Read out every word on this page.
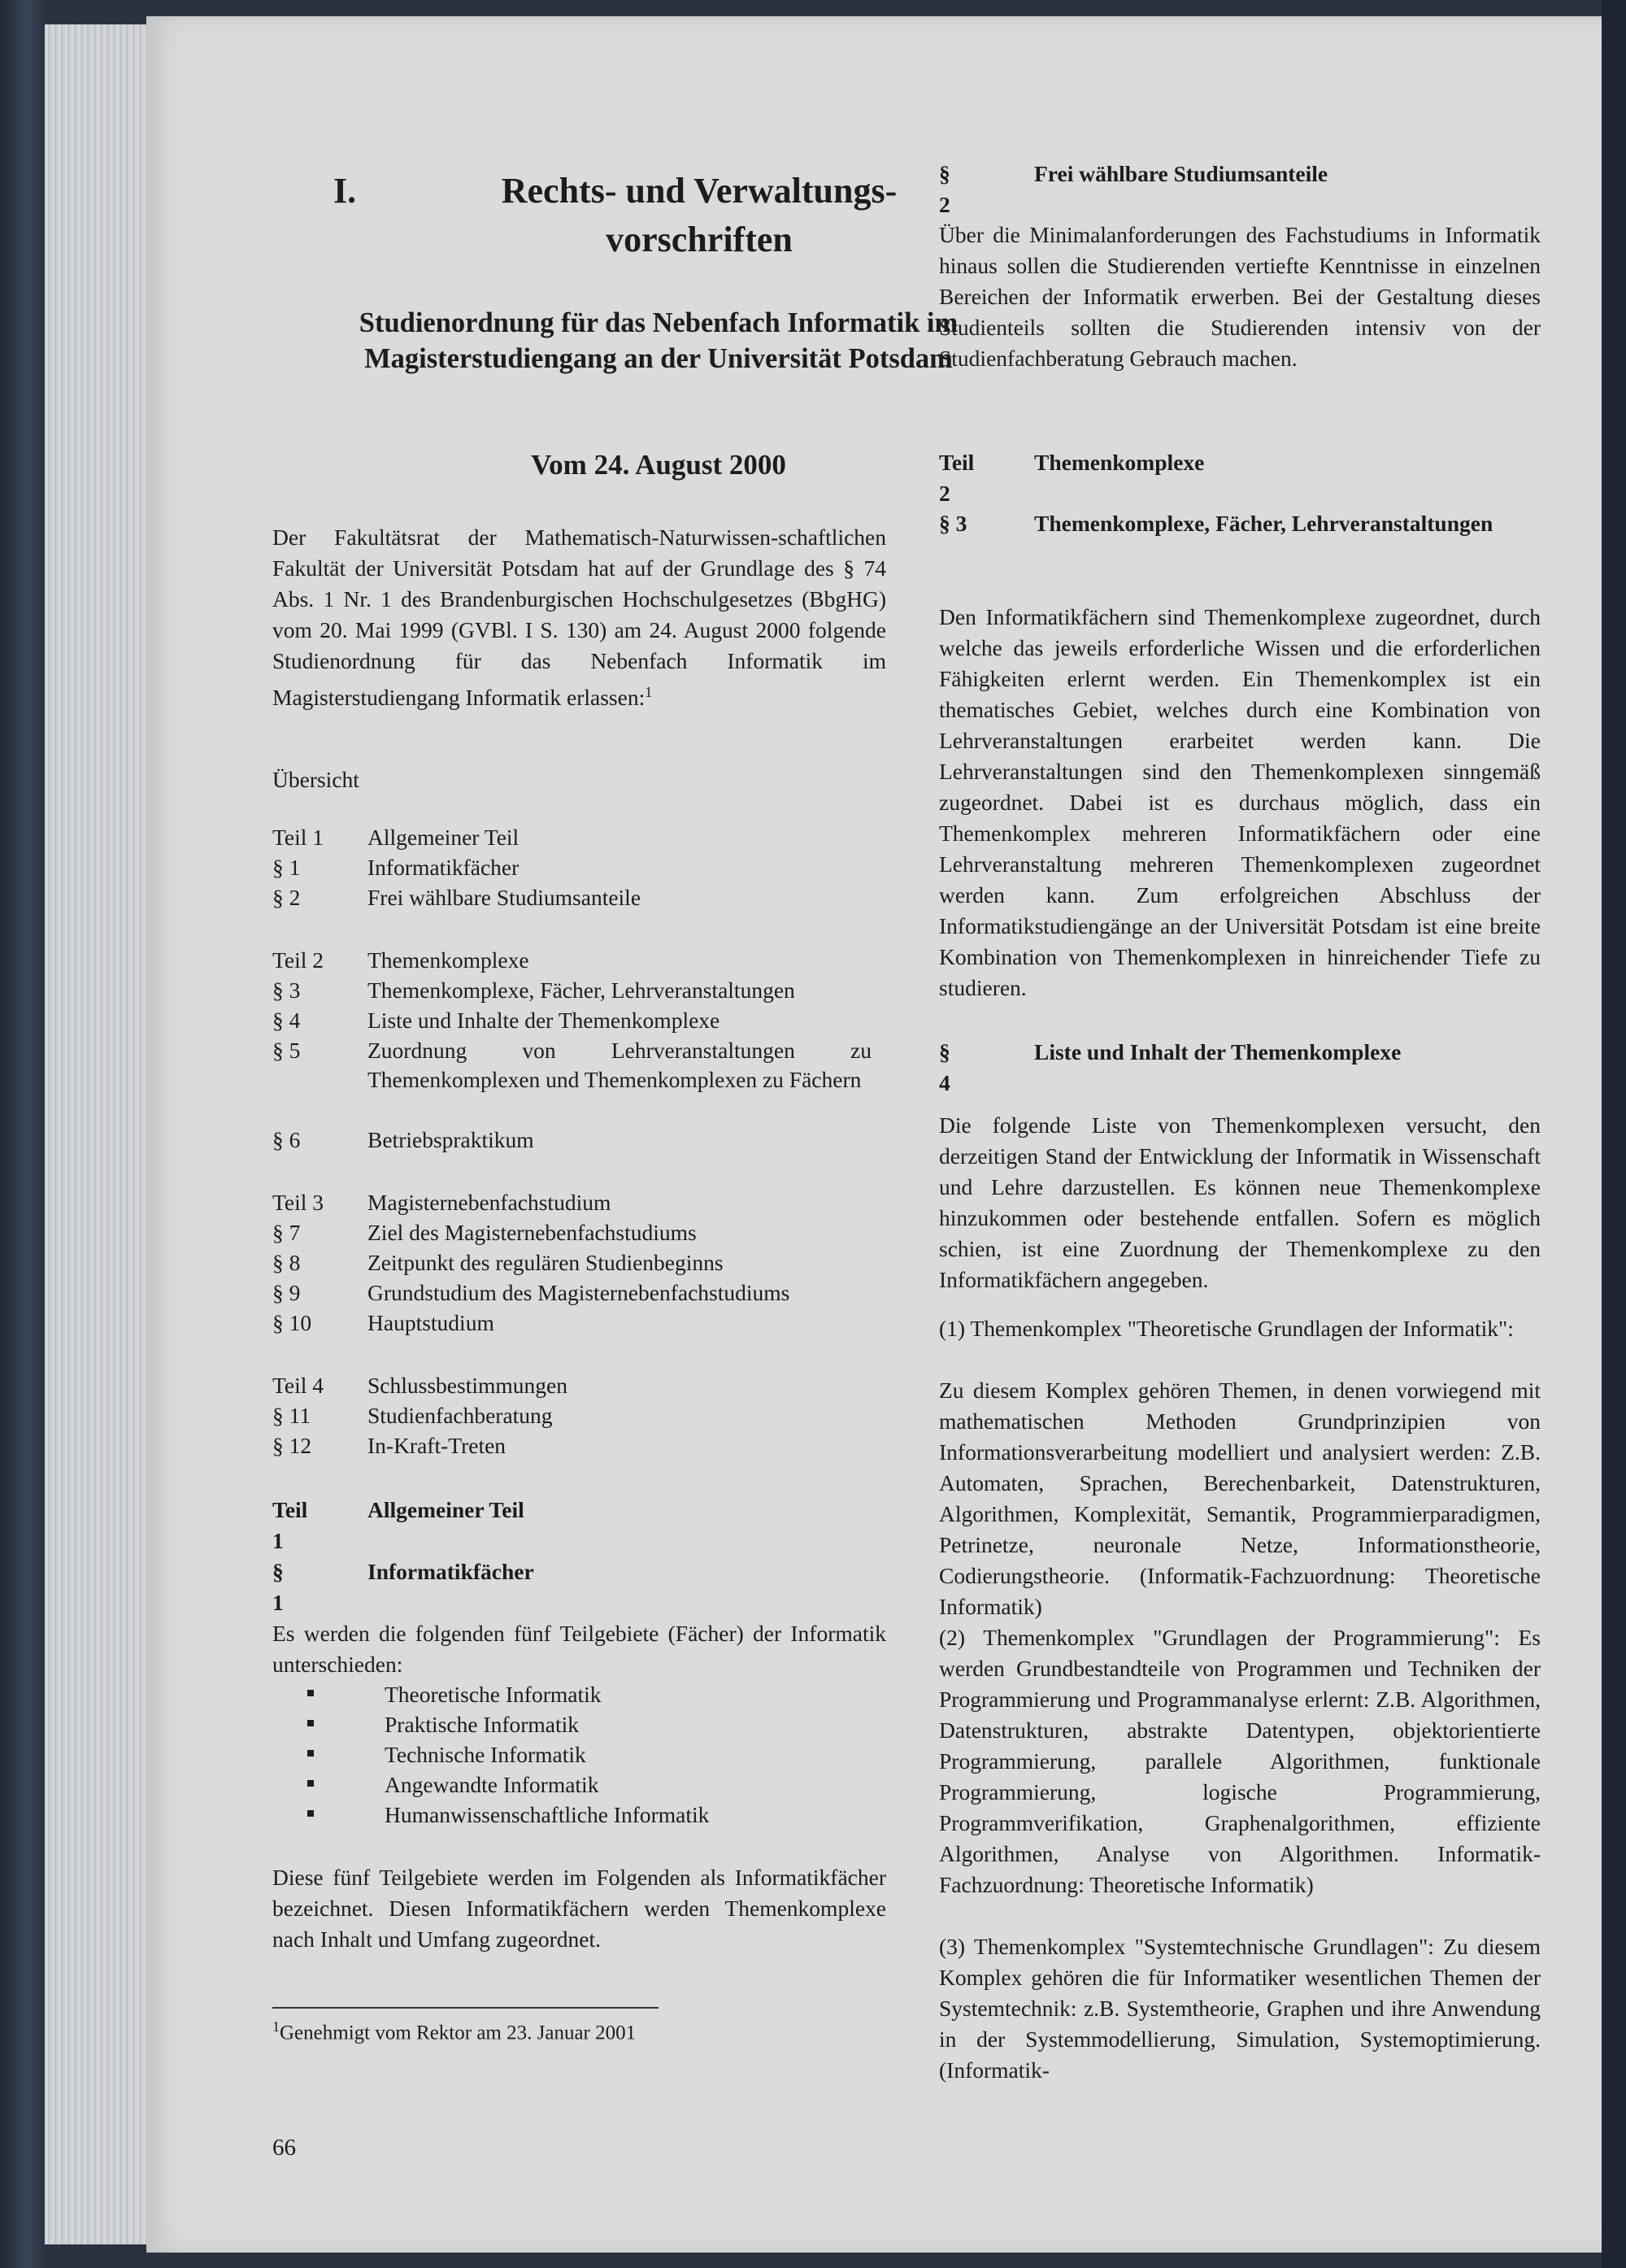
I.	Rechts- und Verwaltungs-vorschriften
Studienordnung für das Nebenfach Informatik im Magisterstudiengang an der Universität Potsdam
Vom 24. August 2000
Der Fakultätsrat der Mathematisch-Naturwissen-schaftlichen Fakultät der Universität Potsdam hat auf der Grundlage des § 74 Abs. 1 Nr. 1 des Brandenburgischen Hochschulgesetzes (BbgHG) vom 20. Mai 1999 (GVBl. I S. 130) am 24. August 2000 folgende Studienordnung für das Nebenfach Informatik im Magisterstudiengang Informatik erlassen:$^1$
Übersicht
Teil 1	Allgemeiner Teil
§ 1	Informatikfächer
§ 2	Frei wählbare Studiumsanteile
Teil 2	Themenkomplexe
§ 3	Themenkomplexe, Fächer, Lehrveranstaltungen
§ 4	Liste und Inhalte der Themenkomplexe
§ 5	Zuordnung von Lehrveranstaltungen zu Themenkomplexen und Themenkomplexen zu Fächern
§ 6	Betriebspraktikum
Teil 3	Magisternebenfachstudium
§ 7	Ziel des Magisternebenfachstudiums
§ 8	Zeitpunkt des regulären Studienbeginns
§ 9	Grundstudium des Magisternebenfachstudiums
§ 10	Hauptstudium
Teil 4	Schlussbestimmungen
§ 11	Studienfachberatung
§ 12	In-Kraft-Treten
Teil 1
Allgemeiner Teil
§ 1
Informatikfächer
Es werden die folgenden fünf Teilgebiete (Fächer) der Informatik unterschieden:
Theoretische Informatik
Praktische Informatik
Technische Informatik
Angewandte Informatik
Humanwissenschaftliche Informatik
Diese fünf Teilgebiete werden im Folgenden als Informatikfächer bezeichnet. Diesen Informatikfächern werden Themenkomplexe nach Inhalt und Umfang zugeordnet.
$^1$Genehmigt vom Rektor am 23. Januar 2001
66
§ 2
Frei wählbare Studiumsanteile
Über die Minimalanforderungen des Fachstudiums in Informatik hinaus sollen die Studierenden vertiefte Kenntnisse in einzelnen Bereichen der Informatik erwerben. Bei der Gestaltung dieses Studienteils sollten die Studierenden intensiv von der Studienfachberatung Gebrauch machen.
Teil 2
Themenkomplexe
§ 3	Themenkomplexe, Fächer, Lehrveranstaltungen
Den Informatikfächern sind Themenkomplexe zugeordnet, durch welche das jeweils erforderliche Wissen und die erforderlichen Fähigkeiten erlernt werden. Ein Themenkomplex ist ein thematisches Gebiet, welches durch eine Kombination von Lehrveranstaltungen erarbeitet werden kann. Die Lehrveranstaltungen sind den Themenkomplexen sinngemäß zugeordnet. Dabei ist es durchaus möglich, dass ein Themenkomplex mehreren Informatikfächern oder eine Lehrveranstaltung mehreren Themenkomplexen zugeordnet werden kann. Zum erfolgreichen Abschluss der Informatikstudiengänge an der Universität Potsdam ist eine breite Kombination von Themenkomplexen in hinreichender Tiefe zu studieren.
§ 4
Liste und Inhalt der Themenkomplexe
Die folgende Liste von Themenkomplexen versucht, den derzeitigen Stand der Entwicklung der Informatik in Wissenschaft und Lehre darzustellen. Es können neue Themenkomplexe hinzukommen oder bestehende entfallen. Sofern es möglich schien, ist eine Zuordnung der Themenkomplexe zu den Informatikfächern angegeben.
(1) Themenkomplex "Theoretische Grundlagen der Informatik":
Zu diesem Komplex gehören Themen, in denen vorwiegend mit mathematischen Methoden Grundprinzipien von Informationsverarbeitung modelliert und analysiert werden: Z.B. Automaten, Sprachen, Berechenbarkeit, Datenstrukturen, Algorithmen, Komplexität, Semantik, Programmierparadigmen, Petrinetze, neuronale Netze, Informationstheorie, Codierungstheorie. (Informatik-Fachzuordnung: Theoretische Informatik)
(2) Themenkomplex "Grundlagen der Programmierung": Es werden Grundbestandteile von Programmen und Techniken der Programmierung und Programmanalyse erlernt: Z.B. Algorithmen, Datenstrukturen, abstrakte Datentypen, objektorientierte Programmierung, parallele Algorithmen, funktionale Programmierung, logische Programmierung, Programmverifikation, Graphenalgorithmen, effiziente Algorithmen, Analyse von Algorithmen. Informatik-Fachzuordnung: Theoretische Informatik)
(3) Themenkomplex "Systemtechnische Grundlagen": Zu diesem Komplex gehören die für Informatiker wesentlichen Themen der Systemtechnik: z.B. Systemtheorie, Graphen und ihre Anwendung in der Systemmodellierung, Simulation, Systemoptimierung. (Informatik-
